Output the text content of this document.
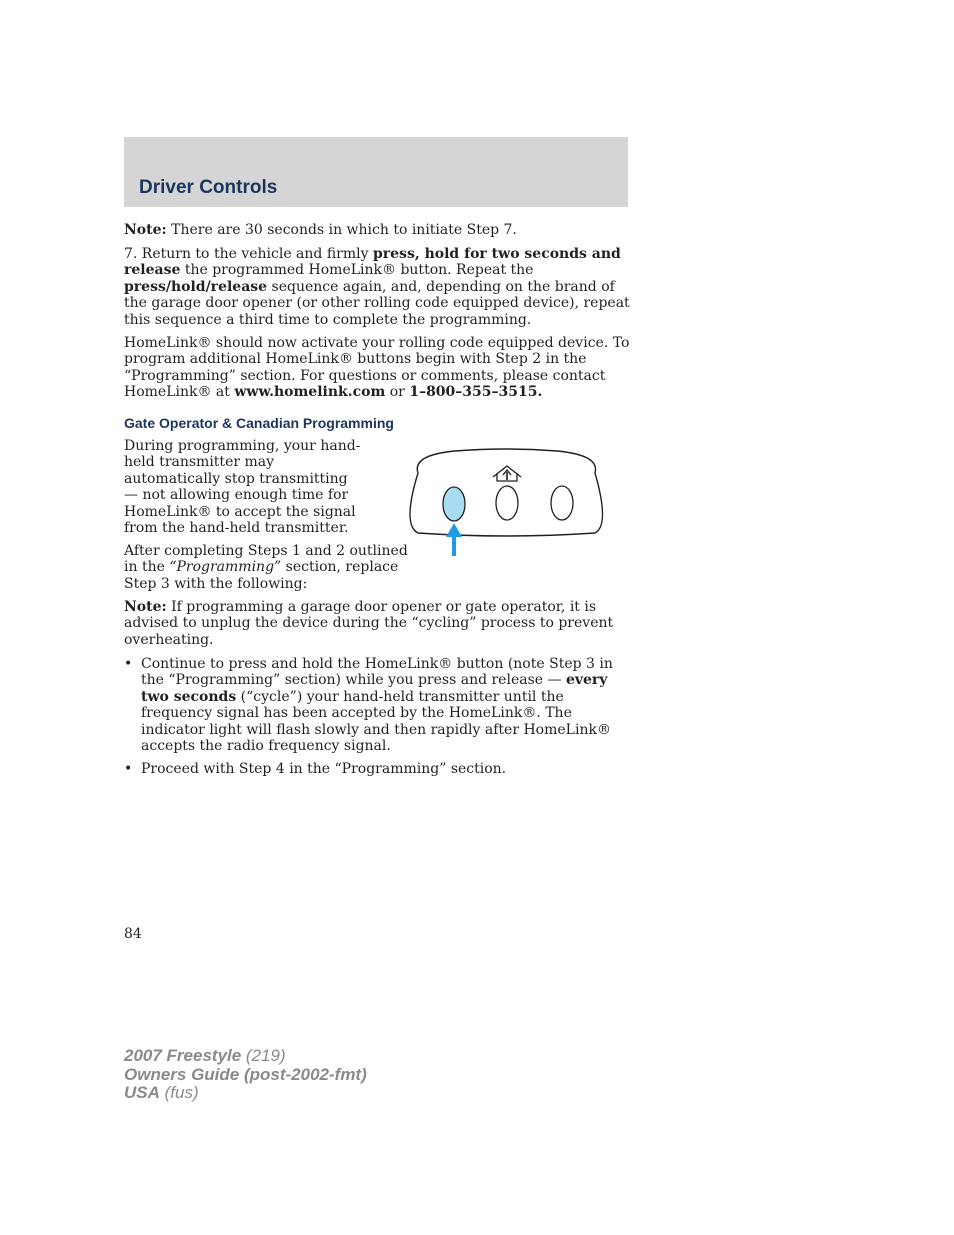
Driver Controls

Note: There are 30 seconds in which to initiate Step 7.

7. Return to the vehicle and firmly press, hold for two seconds and release the programmed HomeLink® button. Repeat the press/hold/release sequence again, and, depending on the brand of the garage door opener (or other rolling code equipped device), repeat this sequence a third time to complete the programming.

HomeLink® should now activate your rolling code equipped device. To program additional HomeLink® buttons begin with Step 2 in the “Programming” section. For questions or comments, please contact HomeLink® at www.homelink.com or 1–800–355–3515.

Gate Operator & Canadian Programming

During programming, your hand-held transmitter may automatically stop transmitting — not allowing enough time for HomeLink® to accept the signal from the hand-held transmitter.

After completing Steps 1 and 2 outlined in the “Programming” section, replace Step 3 with the following:

Note: If programming a garage door opener or gate operator, it is advised to unplug the device during the “cycling” process to prevent overheating.

• Continue to press and hold the HomeLink® button (note Step 3 in the “Programming” section) while you press and release — every two seconds (“cycle”) your hand-held transmitter until the frequency signal has been accepted by the HomeLink®. The indicator light will flash slowly and then rapidly after HomeLink® accepts the radio frequency signal.
• Proceed with Step 4 in the “Programming” section.
84
2007 Freestyle (219)
Owners Guide (post-2002-fmt)
USA (fus)
